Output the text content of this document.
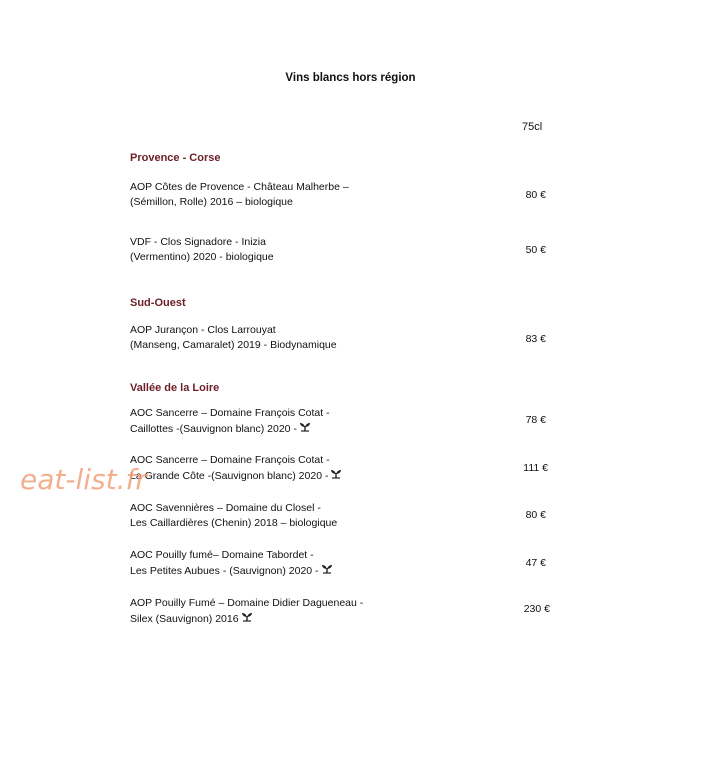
Vins blancs hors région
75cl
Provence - Corse
AOP Côtes de Provence - Château Malherbe –
(Sémillon, Rolle) 2016 – biologique
80 €
VDF - Clos Signadore - Inizia
(Vermentino) 2020 - biologique
50 €
Sud-Ouest
AOP Jurançon - Clos Larrouyat
(Manseng, Camaralet) 2019 - Biodynamique	83 €
Vallée de la Loire
AOC Sancerre – Domaine François Cotat -
Caillottes -(Sauvignon blanc) 2020 -
78 €
AOC Sancerre – Domaine François Cotat -
La Grande Côte -(Sauvignon blanc) 2020 -
111 €
AOC Savennières – Domaine du Closel -
Les Caillardières (Chenin) 2018 – biologique
80 €
AOC Pouilly fumé– Domaine Tabordet -
Les Petites Aubues - (Sauvignon) 2020 -
47 €
AOP Pouilly Fumé – Domaine Didier Dagueneau -
Silex (Sauvignon) 2016
230 €
eat-list.fr
